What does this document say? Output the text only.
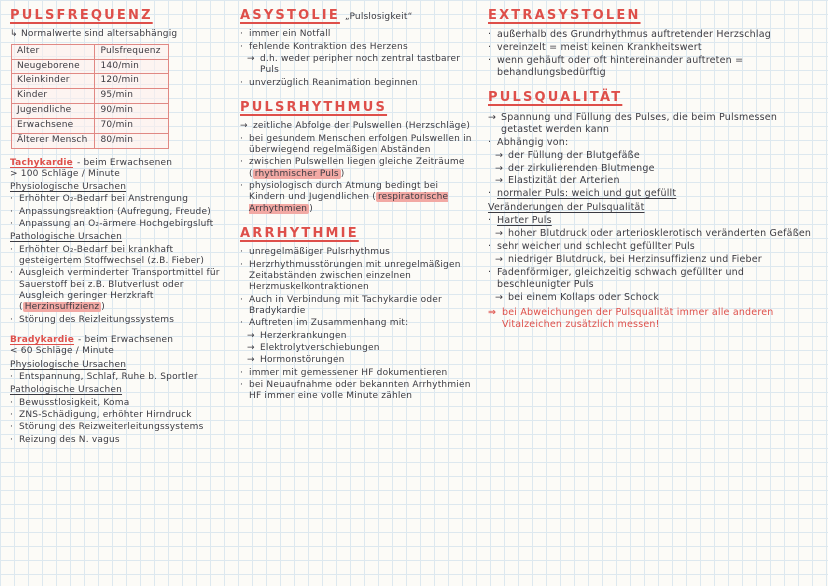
PULSFREQUENZ
↳ Normalwerte sind altersabhängig
Alter	Pulsfrequenz
Neugeborene	140/min
Kleinkinder	120/min
Kinder	95/min
Jugendliche	90/min
Erwachsene	70/min
Älterer Mensch	80/min
Tachykardie - beim Erwachsenen
> 100 Schläge / Minute
Physiologische Ursachen
· Erhöhter O₂-Bedarf bei Anstrengung
· Anpassungsreaktion (Aufregung, Freude)
· Anpassung an O₂-ärmere Hochgebirgsluft
Pathologische Ursachen
· Erhöhter O₂-Bedarf bei krankhaft gesteigertem Stoffwechsel (z.B. Fieber)
· Ausgleich verminderter Transportmittel für Sauerstoff bei z.B. Blutverlust oder Ausgleich geringer Herzkraft ( Herzinsuffizienz )
· Störung des Reizleitungssystems
Bradykardie - beim Erwachsenen
< 60 Schläge / Minute
Physiologische Ursachen
· Entspannung, Schlaf, Ruhe b. Sportler
Pathologische Ursachen
· Bewusstlosigkeit, Koma
· ZNS-Schädigung, erhöhter Hirndruck
· Störung des Reizweiterleitungssystems
· Reizung des N. vagus
ASYSTOLIE „Pulslosigkeit“
· immer ein Notfall
· fehlende Kontraktion des Herzens
→ d.h. weder peripher noch zentral tastbarer Puls
· unverzüglich Reanimation beginnen
PULSRHYTHMUS
→ zeitliche Abfolge der Pulswellen (Herzschläge)
· bei gesundem Menschen erfolgen Pulswellen in überwiegend regelmäßigen Abständen
· zwischen Pulswellen liegen gleiche Zeiträume ( rhythmischer Puls )
· physiologisch durch Atmung bedingt bei Kindern und Jugendlichen ( respiratorische Arrhythmien )
ARRHYTHMIE
· unregelmäßiger Pulsrhythmus
· Herzrhythmusstörungen mit unregelmäßigen Zeitabständen zwischen einzelnen Herzmuskelkontraktionen
· Auch in Verbindung mit Tachykardie oder Bradykardie
· Auftreten im Zusammenhang mit:
→ Herzerkrankungen
→ Elektrolytverschiebungen
→ Hormonstörungen
· immer mit gemessener HF dokumentieren
· bei Neuaufnahme oder bekannten Arrhythmien HF immer eine volle Minute zählen
EXTRASYSTOLEN
· außerhalb des Grundrhythmus auftretender Herzschlag
· vereinzelt = meist keinen Krankheitswert
· wenn gehäuft oder oft hintereinander auftreten = behandlungsbedürftig
PULSQUALITÄT
→ Spannung und Füllung des Pulses, die beim Pulsmessen getastet werden kann
· Abhängig von:
→ der Füllung der Blutgefäße
→ der zirkulierenden Blutmenge
→ Elastizität der Arterien
· normaler Puls: weich und gut gefüllt
Veränderungen der Pulsqualität
· Harter Puls
→ hoher Blutdruck oder arteriosklerotisch veränderten Gefäßen
· sehr weicher und schlecht gefüllter Puls
→ niedriger Blutdruck, bei Herzinsuffizienz und Fieber
· Fadenförmiger, gleichzeitig schwach gefüllter und beschleunigter Puls
→ bei einem Kollaps oder Schock
⇒ bei Abweichungen der Pulsqualität immer alle anderen Vitalzeichen zusätzlich messen!
